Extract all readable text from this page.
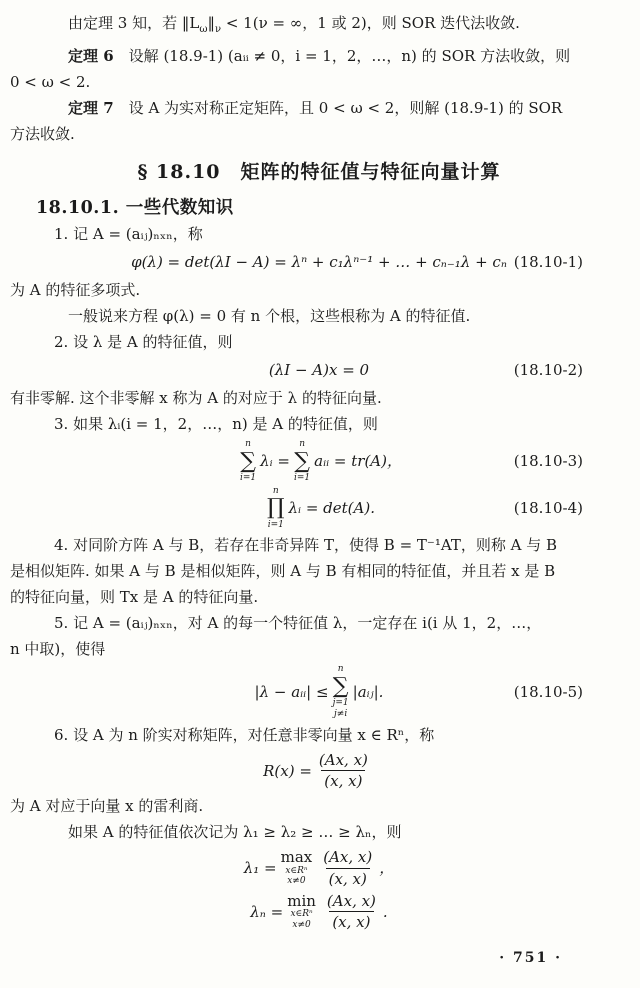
由定理 3 知，若 $‖L_\omega‖_\nu < 1(\nu$ = ∞，1 或 2)，则 SOR 迭代法收敛.
定理 6　设解 (18.9-1) (aᵢᵢ ≠ 0，i = 1，2，…，n) 的 SOR 方法收敛，则
0 < ω < 2.
定理 7　设 A 为实对称正定矩阵，且 0 < ω < 2，则解 (18.9-1) 的 SOR
方法收敛.
§ 18.10　矩阵的特征值与特征向量计算
18.10.1. 一些代数知识
1. 记 A = (aᵢⱼ)ₙₓₙ，称
φ(λ) = det(λI − A) = λⁿ + c₁λⁿ⁻¹ + … + cₙ₋₁λ + cₙ (18.10-1)
为 A 的特征多项式.
一般说来方程 φ(λ) = 0 有 n 个根，这些根称为 A 的特征值.
2. 设 λ 是 A 的特征值，则
(λI − A)x = 0	(18.10-2)
有非零解. 这个非零解 x 称为 A 的对应于 λ 的特征向量.
3. 如果 λᵢ(i = 1，2，…，n) 是 A 的特征值，则
n
∑
i=1
λᵢ =
n
∑
i=1
aᵢᵢ = tr(A)，	(18.10-3)
n
∏
i=1
λᵢ = det(A).	(18.10-4)
4. 对同阶方阵 A 与 B，若存在非奇异阵 T，使得 B = T⁻¹AT，则称 A 与 B
是相似矩阵. 如果 A 与 B 是相似矩阵，则 A 与 B 有相同的特征值，并且若 x 是 B
的特征向量，则 Tx 是 A 的特征向量.
5. 记 A = (aᵢⱼ)ₙₓₙ，对 A 的每一个特征值 λ，一定存在 i(i 从 1，2，…，
n 中取)，使得
|λ − aᵢᵢ| ≤
n
∑
j=1
j≠i
|aᵢⱼ|.	(18.10-5)
6. 设 A 为 n 阶实对称矩阵，对任意非零向量 x ∈ Rⁿ，称
$R(x) = \frac{(Ax, x)}{(x, x)}$
为 A 对应于向量 x 的雷利商.
如果 A 的特征值依次记为 λ₁ ≥ λ₂ ≥ … ≥ λₙ，则
λ₁ =
max
x∈Rⁿ
$x\ne 0 \frac{(Ax, x)}{(x, x)}$ ，
λₙ =
min
x∈Rⁿ
$x\ne 0 \frac{(Ax, x)}{(x, x)}$ .
· 751 ·
